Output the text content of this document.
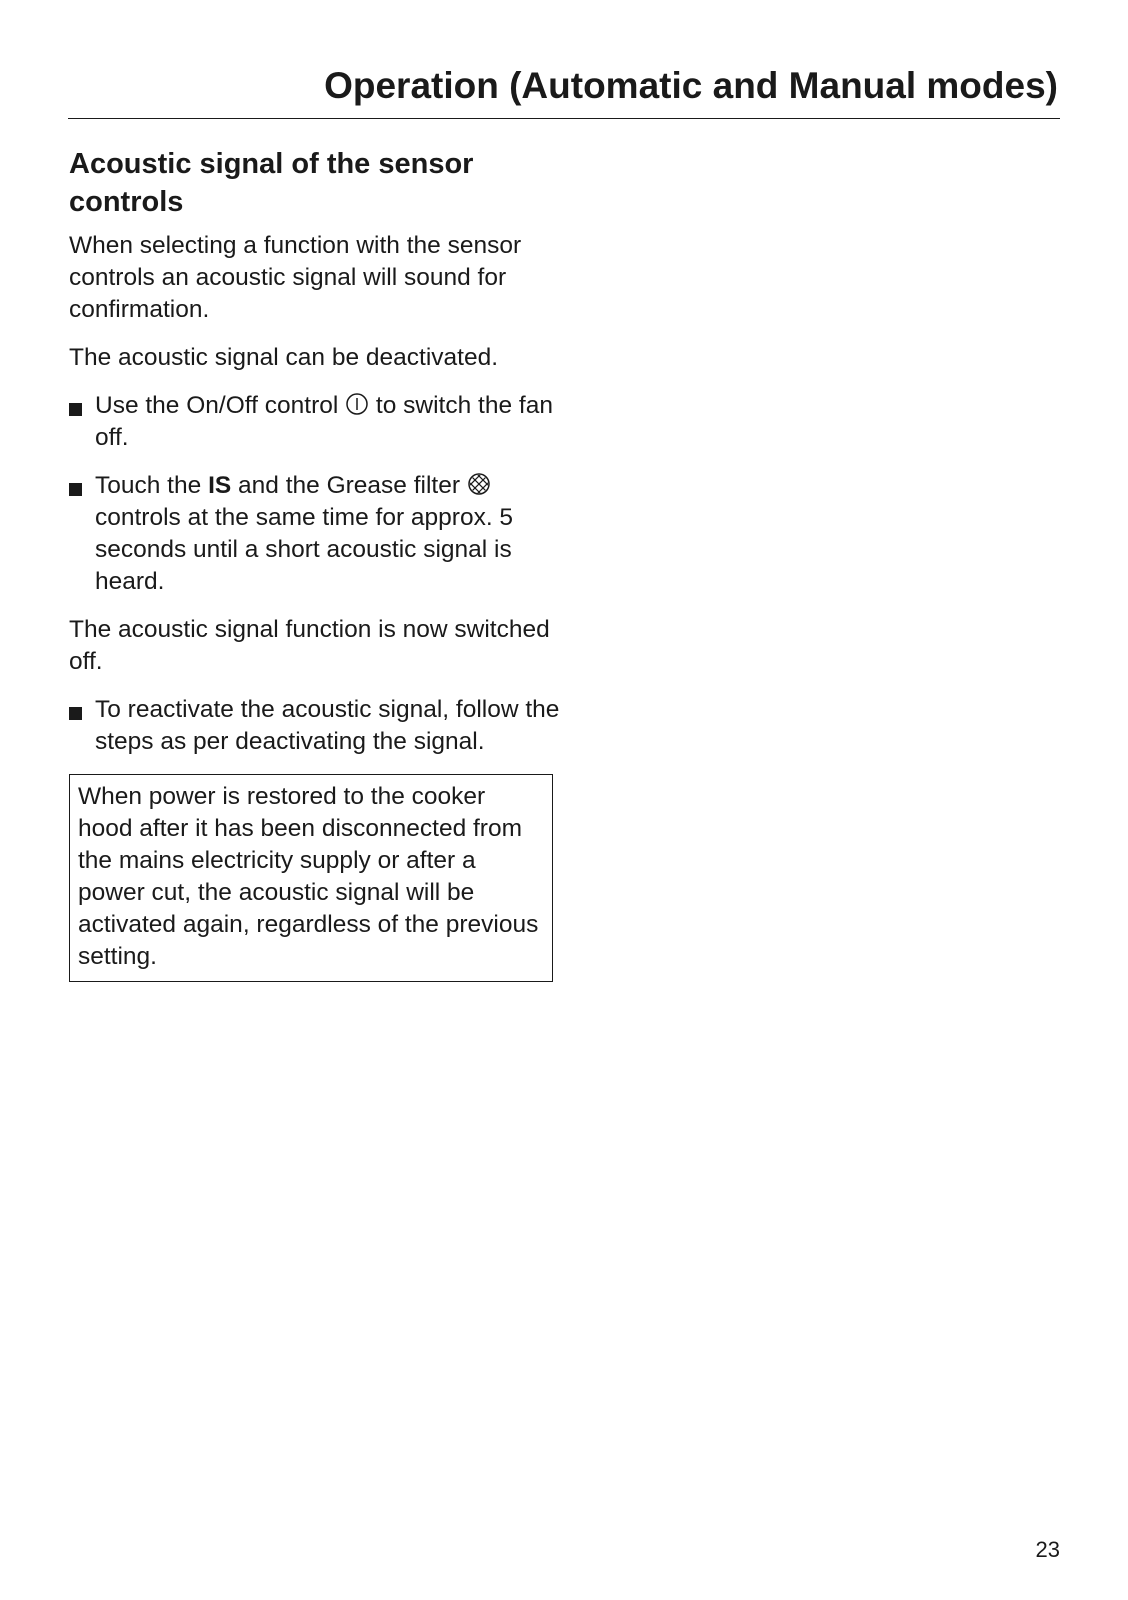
Operation (Automatic and Manual modes)
Acoustic signal of the sensor
controls

When selecting a function with the sensor controls an acoustic signal will sound for confirmation.

The acoustic signal can be deactivated.

Use the On/Off control
to switch the fan off.
Touch the IS and the Grease filter
controls at the same time for approx. 5 seconds until a short acoustic signal is heard.

The acoustic signal function is now switched off.

To reactivate the acoustic signal, follow the steps as per deactivating the signal.
When power is restored to the cooker hood after it has been disconnected from the mains electricity supply or after a power cut, the acoustic signal will be activated again, regardless of the previous setting.
23
